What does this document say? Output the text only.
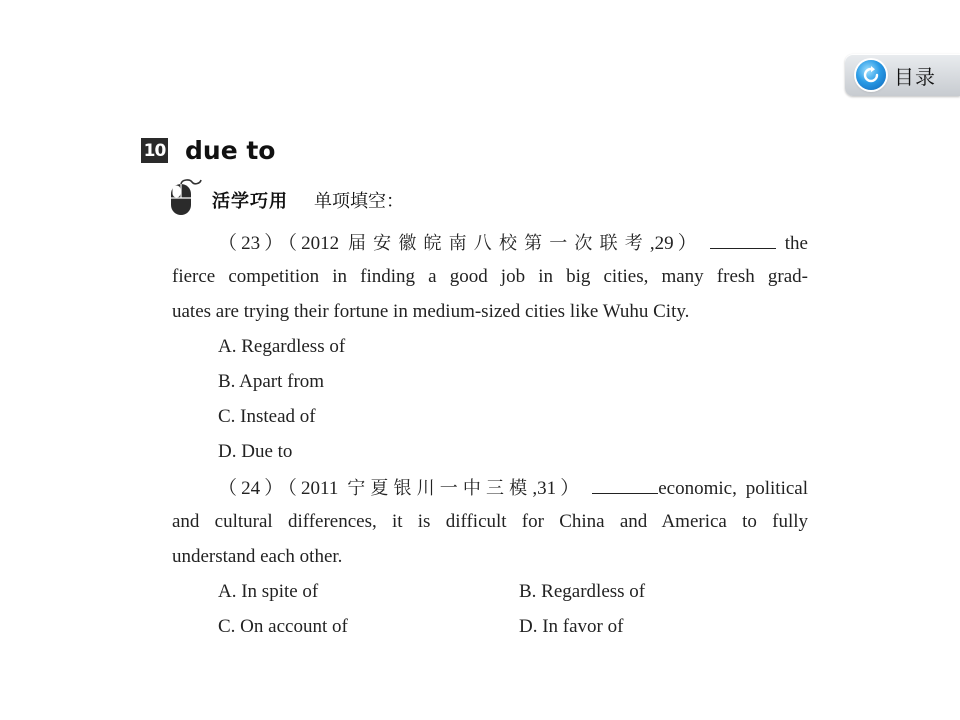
目录
10 due to
活学巧用 单项填空：
（23）（2012 届安徽皖南八校第一次联考,29）	the
fierce competition in finding a good job in big cities, many fresh grad-
uates are trying their fortune in medium-sized cities like Wuhu City.
A. Regardless of
B. Apart from
C. Instead of
D. Due to
（24）（2011 宁夏银川一中三模,31）	economic, political
and cultural differences, it is difficult for China and America to fully
understand each other.
A. In spite of	B. Regardless of
C. On account of	D. In favor of
